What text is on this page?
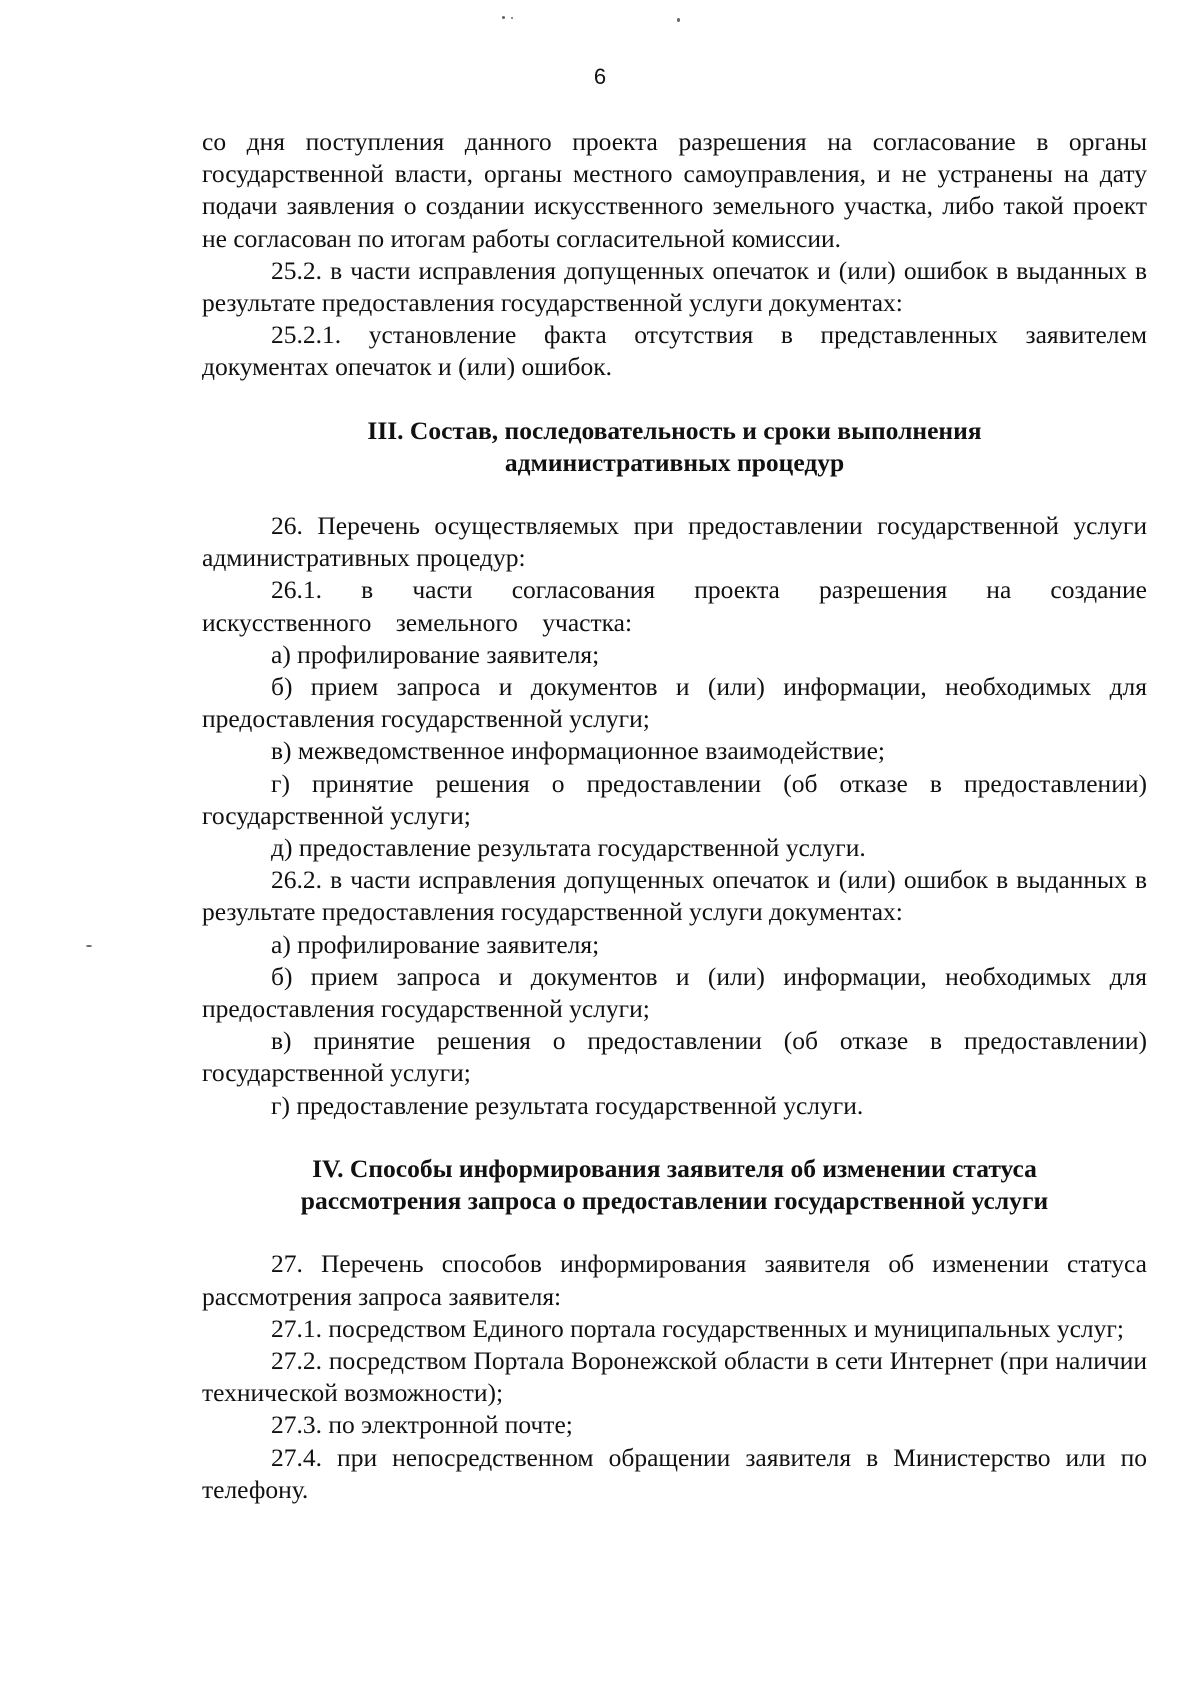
6

со дня поступления данного проекта разрешения на согласование в органы государственной власти, органы местного самоуправления, и не устранены на дату подачи заявления о создании искусственного земельного участка, либо такой проект не согласован по итогам работы согласительной комиссии.

25.2. в части исправления допущенных опечаток и (или) ошибок в выданных в результате предоставления государственной услуги документах:

25.2.1. установление факта отсутствия в представленных заявителем документах опечаток и (или) ошибок.

III. Состав, последовательность и сроки выполнения
административных процедур

26. Перечень осуществляемых при предоставлении государственной услуги административных процедур:

26.1. в части согласования проекта разрешения на создание искусственного земельного участка:

а) профилирование заявителя;

б) прием запроса и документов и (или) информации, необходимых для предоставления государственной услуги;

в) межведомственное информационное взаимодействие;

г) принятие решения о предоставлении (об отказе в предоставлении) государственной услуги;

д) предоставление результата государственной услуги.

26.2. в части исправления допущенных опечаток и (или) ошибок в выданных в результате предоставления государственной услуги документах:

а) профилирование заявителя;

б) прием запроса и документов и (или) информации, необходимых для предоставления государственной услуги;

в) принятие решения о предоставлении (об отказе в предоставлении) государственной услуги;

г) предоставление результата государственной услуги.

IV. Способы информирования заявителя об изменении статуса
рассмотрения запроса о предоставлении государственной услуги

27. Перечень способов информирования заявителя об изменении статуса рассмотрения запроса заявителя:

27.1. посредством Единого портала государственных и муниципальных услуг;

27.2. посредством Портала Воронежской области в сети Интернет (при наличии технической возможности);

27.3. по электронной почте;

27.4. при непосредственном обращении заявителя в Министерство или по телефону.
